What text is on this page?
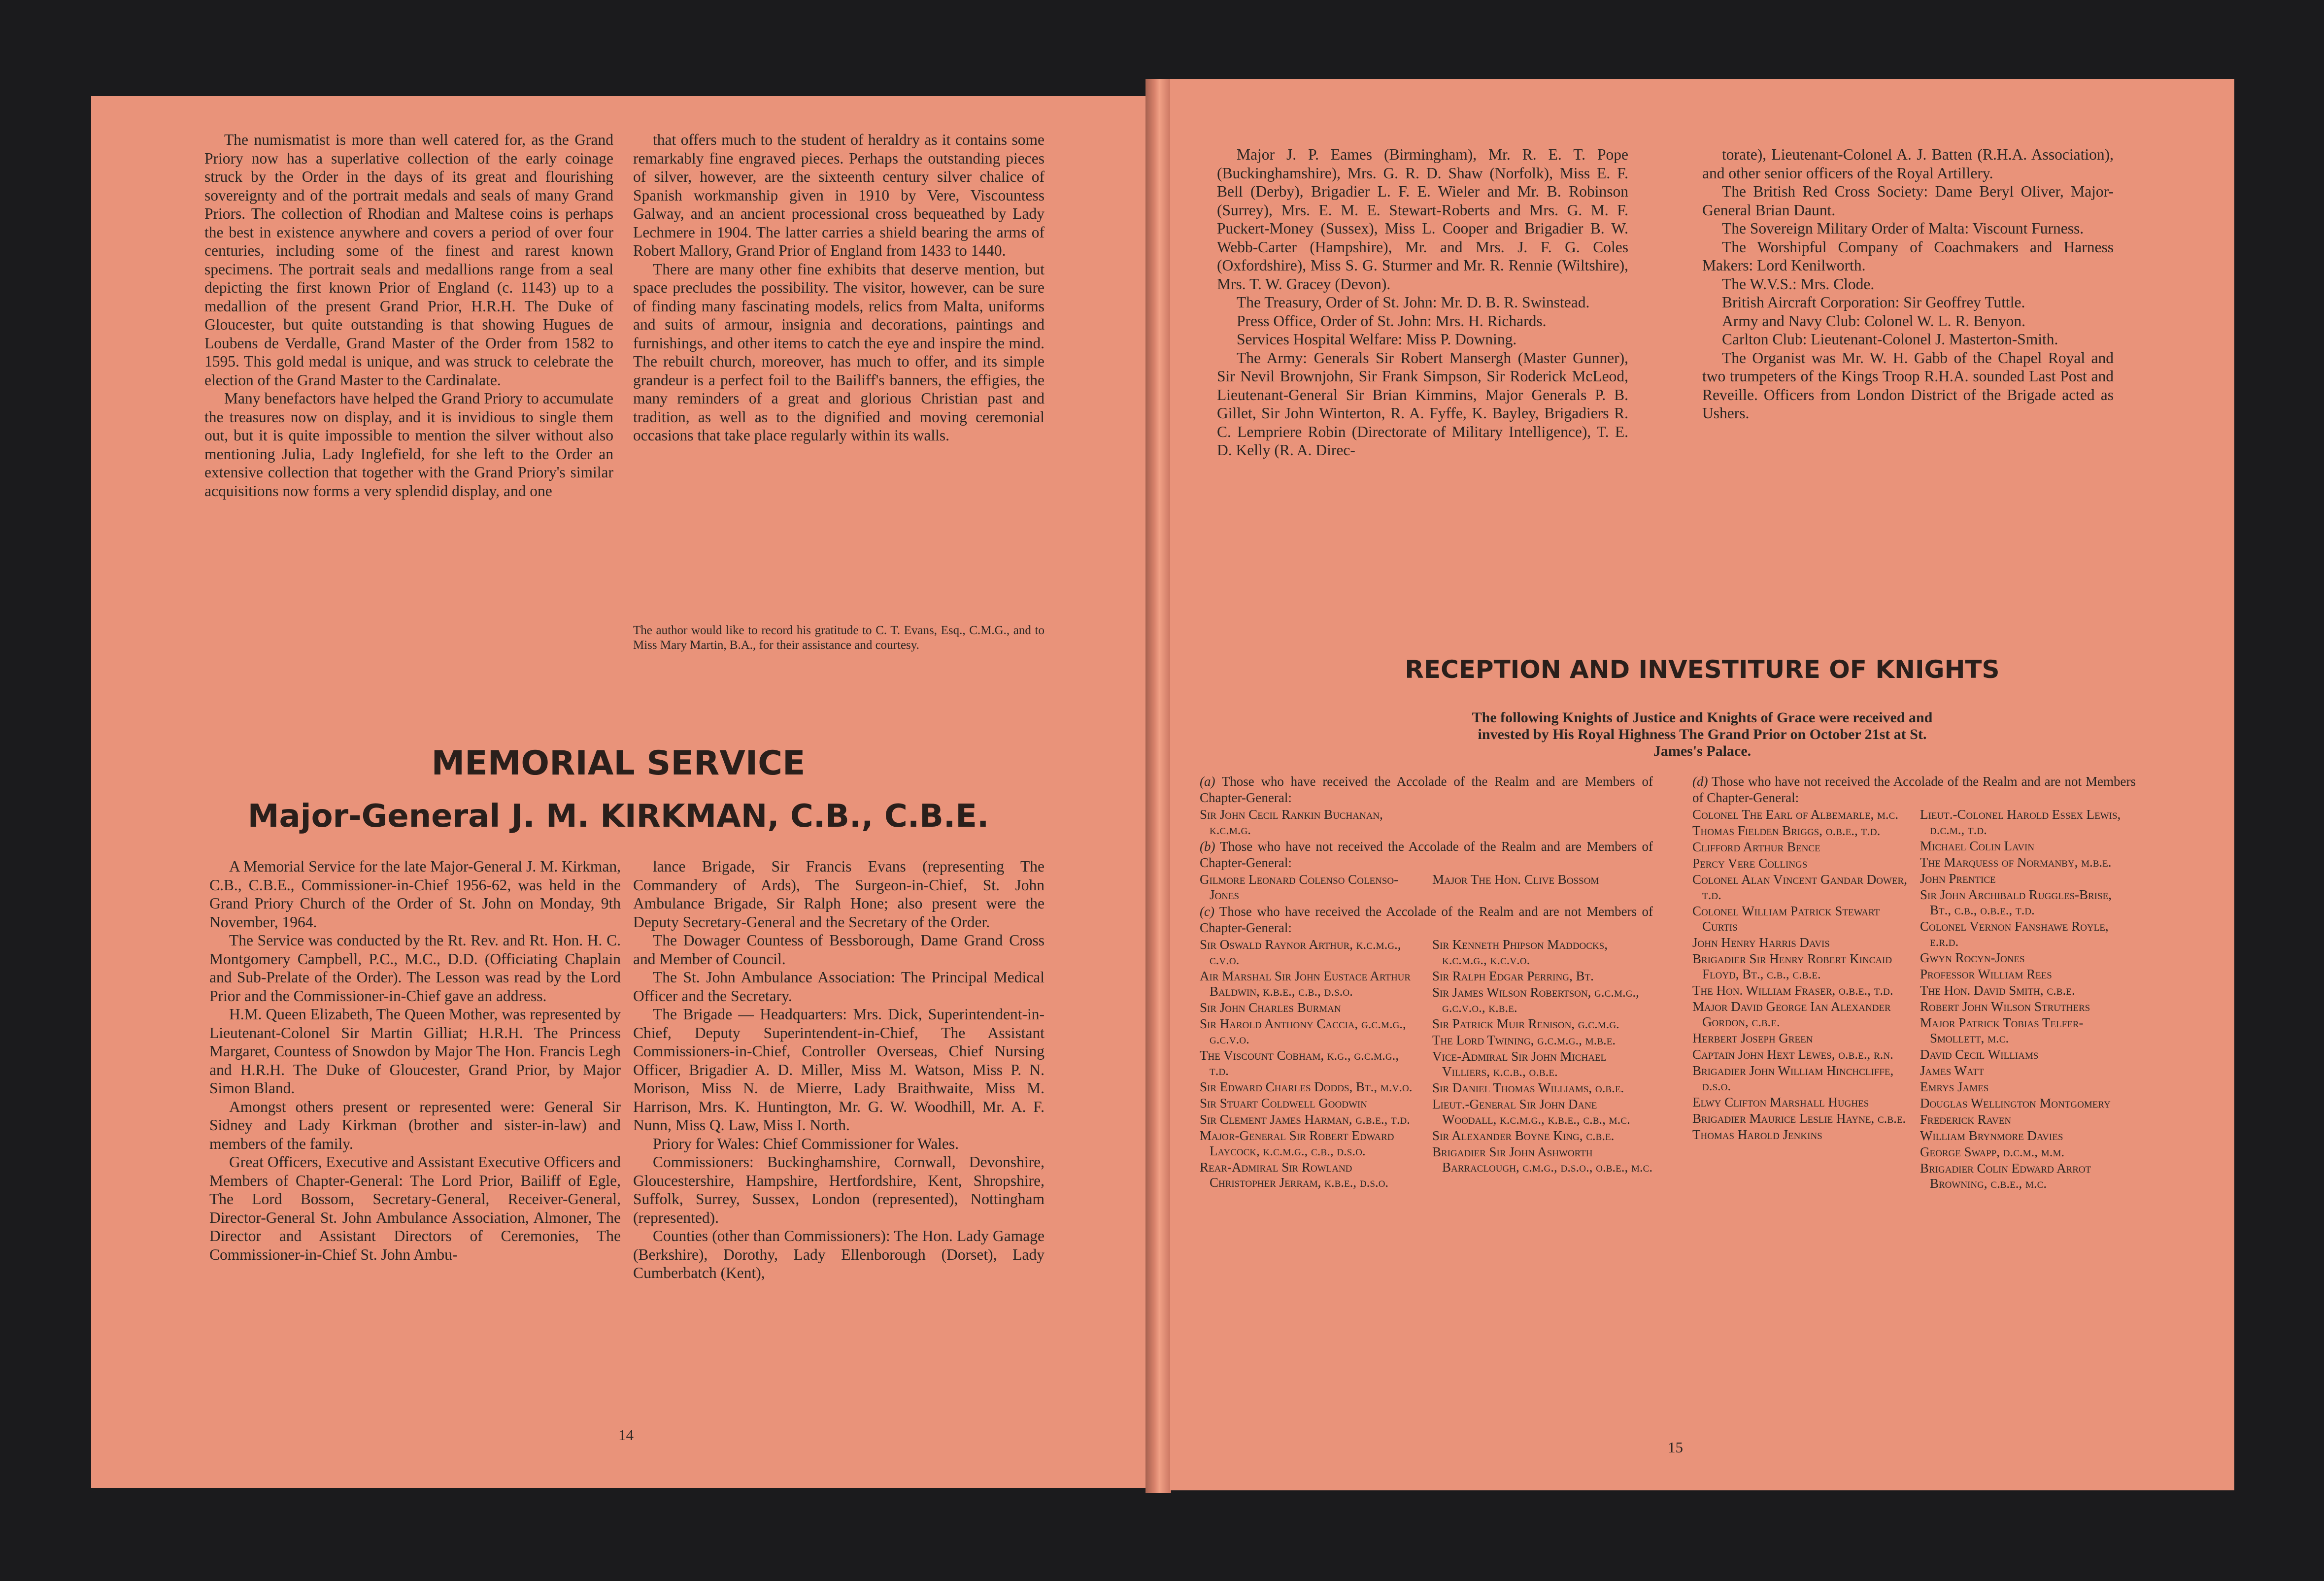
The numismatist is more than well catered for, as the Grand Priory now has a superlative collection of the early coinage struck by the Order in the days of its great and flourishing sovereignty and of the portrait medals and seals of many Grand Priors. The collection of Rhodian and Maltese coins is perhaps the best in existence anywhere and covers a period of over four centuries, including some of the finest and rarest known specimens. The portrait seals and medallions range from a seal depicting the first known Prior of England (c. 1143) up to a medallion of the present Grand Prior, H.R.H. The Duke of Gloucester, but quite outstanding is that showing Hugues de Loubens de Verdalle, Grand Master of the Order from 1582 to 1595. This gold medal is unique, and was struck to celebrate the election of the Grand Master to the Cardinalate.

Many benefactors have helped the Grand Priory to accumulate the treasures now on display, and it is invidious to single them out, but it is quite impossible to mention the silver without also mentioning Julia, Lady Inglefield, for she left to the Order an extensive collection that together with the Grand Priory's similar acquisitions now forms a very splendid display, and one

that offers much to the student of heraldry as it contains some remarkably fine engraved pieces. Perhaps the outstanding pieces of silver, however, are the sixteenth century silver chalice of Spanish workmanship given in 1910 by Vere, Viscountess Galway, and an ancient processional cross bequeathed by Lady Lechmere in 1904. The latter carries a shield bearing the arms of Robert Mallory, Grand Prior of England from 1433 to 1440.

There are many other fine exhibits that deserve mention, but space precludes the possibility. The visitor, however, can be sure of finding many fascinating models, relics from Malta, uniforms and suits of armour, insignia and decorations, paintings and furnishings, and other items to catch the eye and inspire the mind. The rebuilt church, moreover, has much to offer, and its simple grandeur is a perfect foil to the Bailiff's banners, the effigies, the many reminders of a great and glorious Christian past and tradition, as well as to the dignified and moving ceremonial occasions that take place regularly within its walls.

The author would like to record his gratitude to C. T. Evans, Esq., C.M.G., and to Miss Mary Martin, B.A., for their assistance and courtesy.
MEMORIAL SERVICE
Major-General J. M. KIRKMAN, C.B., C.B.E.

A Memorial Service for the late Major-General J. M. Kirkman, C.B., C.B.E., Commissioner-in-Chief 1956-62, was held in the Grand Priory Church of the Order of St. John on Monday, 9th November, 1964.

The Service was conducted by the Rt. Rev. and Rt. Hon. H. C. Montgomery Campbell, P.C., M.C., D.D. (Officiating Chaplain and Sub-Prelate of the Order). The Lesson was read by the Lord Prior and the Commissioner-in-Chief gave an address.

H.M. Queen Elizabeth, The Queen Mother, was represented by Lieutenant-Colonel Sir Martin Gilliat; H.R.H. The Princess Margaret, Countess of Snowdon by Major The Hon. Francis Legh and H.R.H. The Duke of Gloucester, Grand Prior, by Major Simon Bland.

Amongst others present or represented were: General Sir Sidney and Lady Kirkman (brother and sister-in-law) and members of the family.

Great Officers, Executive and Assistant Executive Officers and Members of Chapter-General: The Lord Prior, Bailiff of Egle, The Lord Bossom, Secretary-General, Receiver-General, Director-General St. John Ambulance Association, Almoner, The Director and Assistant Directors of Ceremonies, The Commissioner-in-Chief St. John Ambu-

lance Brigade, Sir Francis Evans (representing The Commandery of Ards), The Surgeon-in-Chief, St. John Ambulance Brigade, Sir Ralph Hone; also present were the Deputy Secretary-General and the Secretary of the Order.

The Dowager Countess of Bessborough, Dame Grand Cross and Member of Council.

The St. John Ambulance Association: The Principal Medical Officer and the Secretary.

The Brigade — Headquarters: Mrs. Dick, Superintendent-in-Chief, Deputy Superintendent-in-Chief, The Assistant Commissioners-in-Chief, Controller Overseas, Chief Nursing Officer, Brigadier A. D. Miller, Miss M. Watson, Miss P. N. Morison, Miss N. de Mierre, Lady Braithwaite, Miss M. Harrison, Mrs. K. Huntington, Mr. G. W. Woodhill, Mr. A. F. Nunn, Miss Q. Law, Miss I. North.

Priory for Wales: Chief Commissioner for Wales.

Commissioners: Buckinghamshire, Cornwall, Devonshire, Gloucestershire, Hampshire, Hertfordshire, Kent, Shropshire, Suffolk, Surrey, Sussex, London (represented), Nottingham (represented).

Counties (other than Commissioners): The Hon. Lady Gamage (Berkshire), Dorothy, Lady Ellenborough (Dorset), Lady Cumberbatch (Kent),

14

Major J. P. Eames (Birmingham), Mr. R. E. T. Pope (Buckinghamshire), Mrs. G. R. D. Shaw (Norfolk), Miss E. F. Bell (Derby), Brigadier L. F. E. Wieler and Mr. B. Robinson (Surrey), Mrs. E. M. E. Stewart-Roberts and Mrs. G. M. F. Puckert-Money (Sussex), Miss L. Cooper and Brigadier B. W. Webb-Carter (Hampshire), Mr. and Mrs. J. F. G. Coles (Oxfordshire), Miss S. G. Sturmer and Mr. R. Rennie (Wiltshire), Mrs. T. W. Gracey (Devon).

The Treasury, Order of St. John: Mr. D. B. R. Swinstead.

Press Office, Order of St. John: Mrs. H. Richards.

Services Hospital Welfare: Miss P. Downing.

The Army: Generals Sir Robert Mansergh (Master Gunner), Sir Nevil Brownjohn, Sir Frank Simpson, Sir Roderick McLeod, Lieutenant-General Sir Brian Kimmins, Major Generals P. B. Gillet, Sir John Winterton, R. A. Fyffe, K. Bayley, Brigadiers R. C. Lempriere Robin (Directorate of Military Intelligence), T. E. D. Kelly (R. A. Direc-

torate), Lieutenant-Colonel A. J. Batten (R.H.A. Association), and other senior officers of the Royal Artillery.

The British Red Cross Society: Dame Beryl Oliver, Major-General Brian Daunt.

The Sovereign Military Order of Malta: Viscount Furness.

The Worshipful Company of Coachmakers and Harness Makers: Lord Kenilworth.

The W.V.S.: Mrs. Clode.

British Aircraft Corporation: Sir Geoffrey Tuttle.

Army and Navy Club: Colonel W. L. R. Benyon.

Carlton Club: Lieutenant-Colonel J. Masterton-Smith.

The Organist was Mr. W. H. Gabb of the Chapel Royal and two trumpeters of the Kings Troop R.H.A. sounded Last Post and Reveille. Officers from London District of the Brigade acted as Ushers.

RECEPTION AND INVESTITURE OF KNIGHTS
The following Knights of Justice and Knights of Grace were received and invested by His Royal Highness The Grand Prior on October 21st at St. James's Palace.
(a) Those who have received the Accolade of the Realm and are Members of Chapter-General:
Sir John Cecil Rankin Buchanan, k.c.m.g.
(b) Those who have not received the Accolade of the Realm and are Members of Chapter-General:
Gilmore Leonard Colenso Colenso-Jones
Major The Hon. Clive Bossom
(c) Those who have received the Accolade of the Realm and are not Members of Chapter-General:
Sir Oswald Raynor Arthur, k.c.m.g., c.v.o.
Air Marshal Sir John Eustace Arthur Baldwin, k.b.e., c.b., d.s.o.
Sir John Charles Burman
Sir Harold Anthony Caccia, g.c.m.g., g.c.v.o.
The Viscount Cobham, k.g., g.c.m.g., t.d.
Sir Edward Charles Dodds, Bt., m.v.o.
Sir Stuart Coldwell Goodwin
Sir Clement James Harman, g.b.e., t.d.
Major-General Sir Robert Edward Laycock, k.c.m.g., c.b., d.s.o.
Rear-Admiral Sir Rowland Christopher Jerram, k.b.e., d.s.o.
Sir Kenneth Phipson Maddocks, k.c.m.g., k.c.v.o.
Sir Ralph Edgar Perring, Bt.
Sir James Wilson Robertson, g.c.m.g., g.c.v.o., k.b.e.
Sir Patrick Muir Renison, g.c.m.g.
The Lord Twining, g.c.m.g., m.b.e.
Vice-Admiral Sir John Michael Villiers, k.c.b., o.b.e.
Sir Daniel Thomas Williams, o.b.e.
Lieut.-General Sir John Dane Woodall, k.c.m.g., k.b.e., c.b., m.c.
Sir Alexander Boyne King, c.b.e.
Brigadier Sir John Ashworth Barraclough, c.m.g., d.s.o., o.b.e., m.c.
(d) Those who have not received the Accolade of the Realm and are not Members of Chapter-General:
Colonel The Earl of Albemarle, m.c.
Thomas Fielden Briggs, o.b.e., t.d.
Clifford Arthur Bence
Percy Vere Collings
Colonel Alan Vincent Gandar Dower, t.d.
Colonel William Patrick Stewart Curtis
John Henry Harris Davis
Brigadier Sir Henry Robert Kincaid Floyd, Bt., c.b., c.b.e.
The Hon. William Fraser, o.b.e., t.d.
Major David George Ian Alexander Gordon, c.b.e.
Herbert Joseph Green
Captain John Hext Lewes, o.b.e., r.n.
Brigadier John William Hinchcliffe, d.s.o.
Elwy Clifton Marshall Hughes
Brigadier Maurice Leslie Hayne, c.b.e.
Thomas Harold Jenkins
Lieut.-Colonel Harold Essex Lewis, d.c.m., t.d.
Michael Colin Lavin
The Marquess of Normanby, m.b.e.
John Prentice
Sir John Archibald Ruggles-Brise, Bt., c.b., o.b.e., t.d.
Colonel Vernon Fanshawe Royle, e.r.d.
Gwyn Rocyn-Jones
Professor William Rees
The Hon. David Smith, c.b.e.
Robert John Wilson Struthers
Major Patrick Tobias Telfer-Smollett, m.c.
David Cecil Williams
James Watt
Emrys James
Douglas Wellington Montgomery
Frederick Raven
William Brynmore Davies
George Swapp, d.c.m., m.m.
Brigadier Colin Edward Arrot Browning, c.b.e., m.c.
15
